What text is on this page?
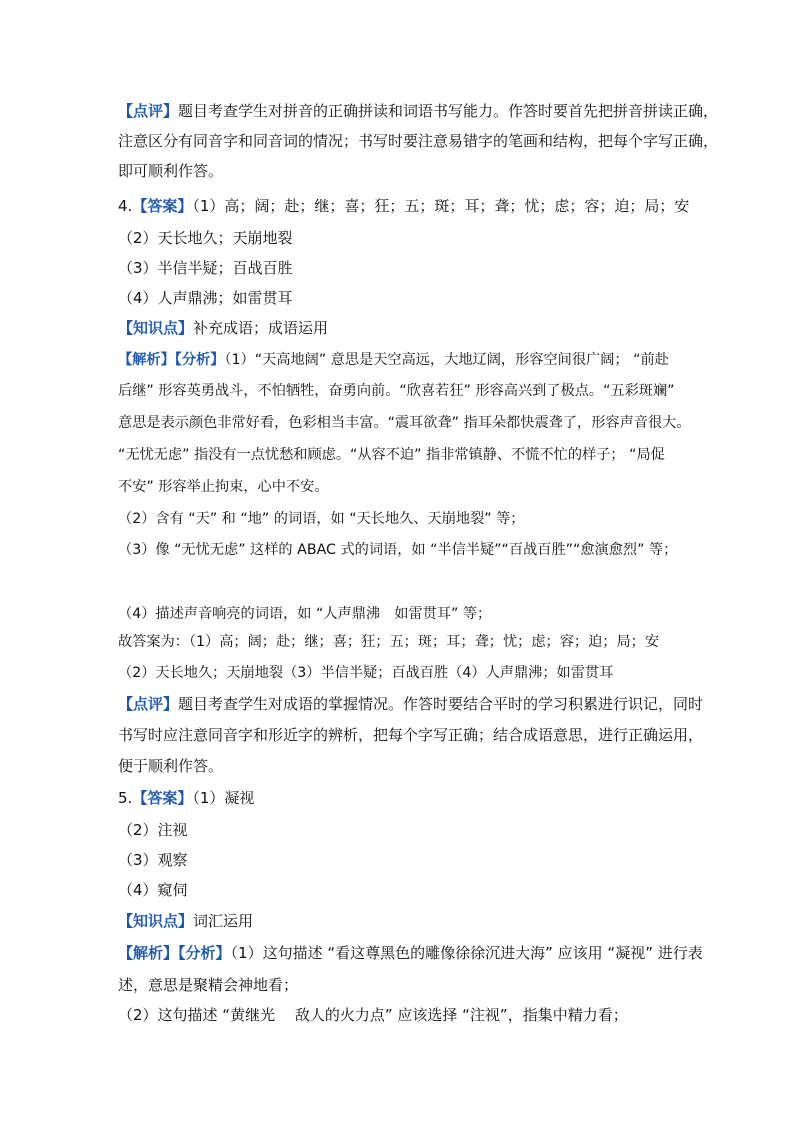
【点评】题目考查学生对拼音的正确拼读和词语书写能力。作答时要首先把拼音拼读正确，

注意区分有同音字和同音词的情况；书写时要注意易错字的笔画和结构，把每个字写正确，

即可顺利作答。

4.【答案】（1）高；阔；赴；继；喜；狂；五；斑；耳；聋；忧；虑；容；迫；局；安

（2）天长地久；天崩地裂

（3）半信半疑；百战百胜

（4）人声鼎沸；如雷贯耳

【知识点】补充成语；成语运用

【解析】【分析】（1）“天高地阔” 意思是天空高远，大地辽阔，形容空间很广阔； “前赴

后继” 形容英勇战斗，不怕牺牲，奋勇向前。“欣喜若狂” 形容高兴到了极点。“五彩斑斓”

意思是表示颜色非常好看，色彩相当丰富。“震耳欲聋” 指耳朵都快震聋了，形容声音很大。

“无忧无虑” 指没有一点忧愁和顾虑。“从容不迫” 指非常镇静、不慌不忙的样子； “局促

不安” 形容举止拘束，心中不安。

（2）含有 “天” 和 “地” 的词语，如 “天长地久、天崩地裂” 等；

（3）像 “无忧无虑” 这样的 ABAC 式的词语，如 “半信半疑”“百战百胜”“愈演愈烈” 等；

（4）描述声音响亮的词语，如 “人声鼎沸　如雷贯耳” 等；

故答案为：（1）高；阔；赴；继；喜；狂；五；斑；耳；聋；忧；虑；容；迫；局；安

（2）天长地久；天崩地裂（3）半信半疑；百战百胜（4）人声鼎沸；如雷贯耳

【点评】题目考查学生对成语的掌握情况。作答时要结合平时的学习积累进行识记，同时

书写时应注意同音字和形近字的辨析，把每个字写正确；结合成语意思，进行正确运用，

便于顺利作答。

5.【答案】（1）凝视

（2）注视

（3）观察

（4）窥伺

【知识点】词汇运用

【解析】【分析】（1）这句描述 “看这尊黑色的雕像徐徐沉进大海” 应该用 “凝视” 进行表

述，意思是聚精会神地看；

（2）这句描述 “黄继光　 敌人的火力点” 应该选择 “注视”，指集中精力看；
